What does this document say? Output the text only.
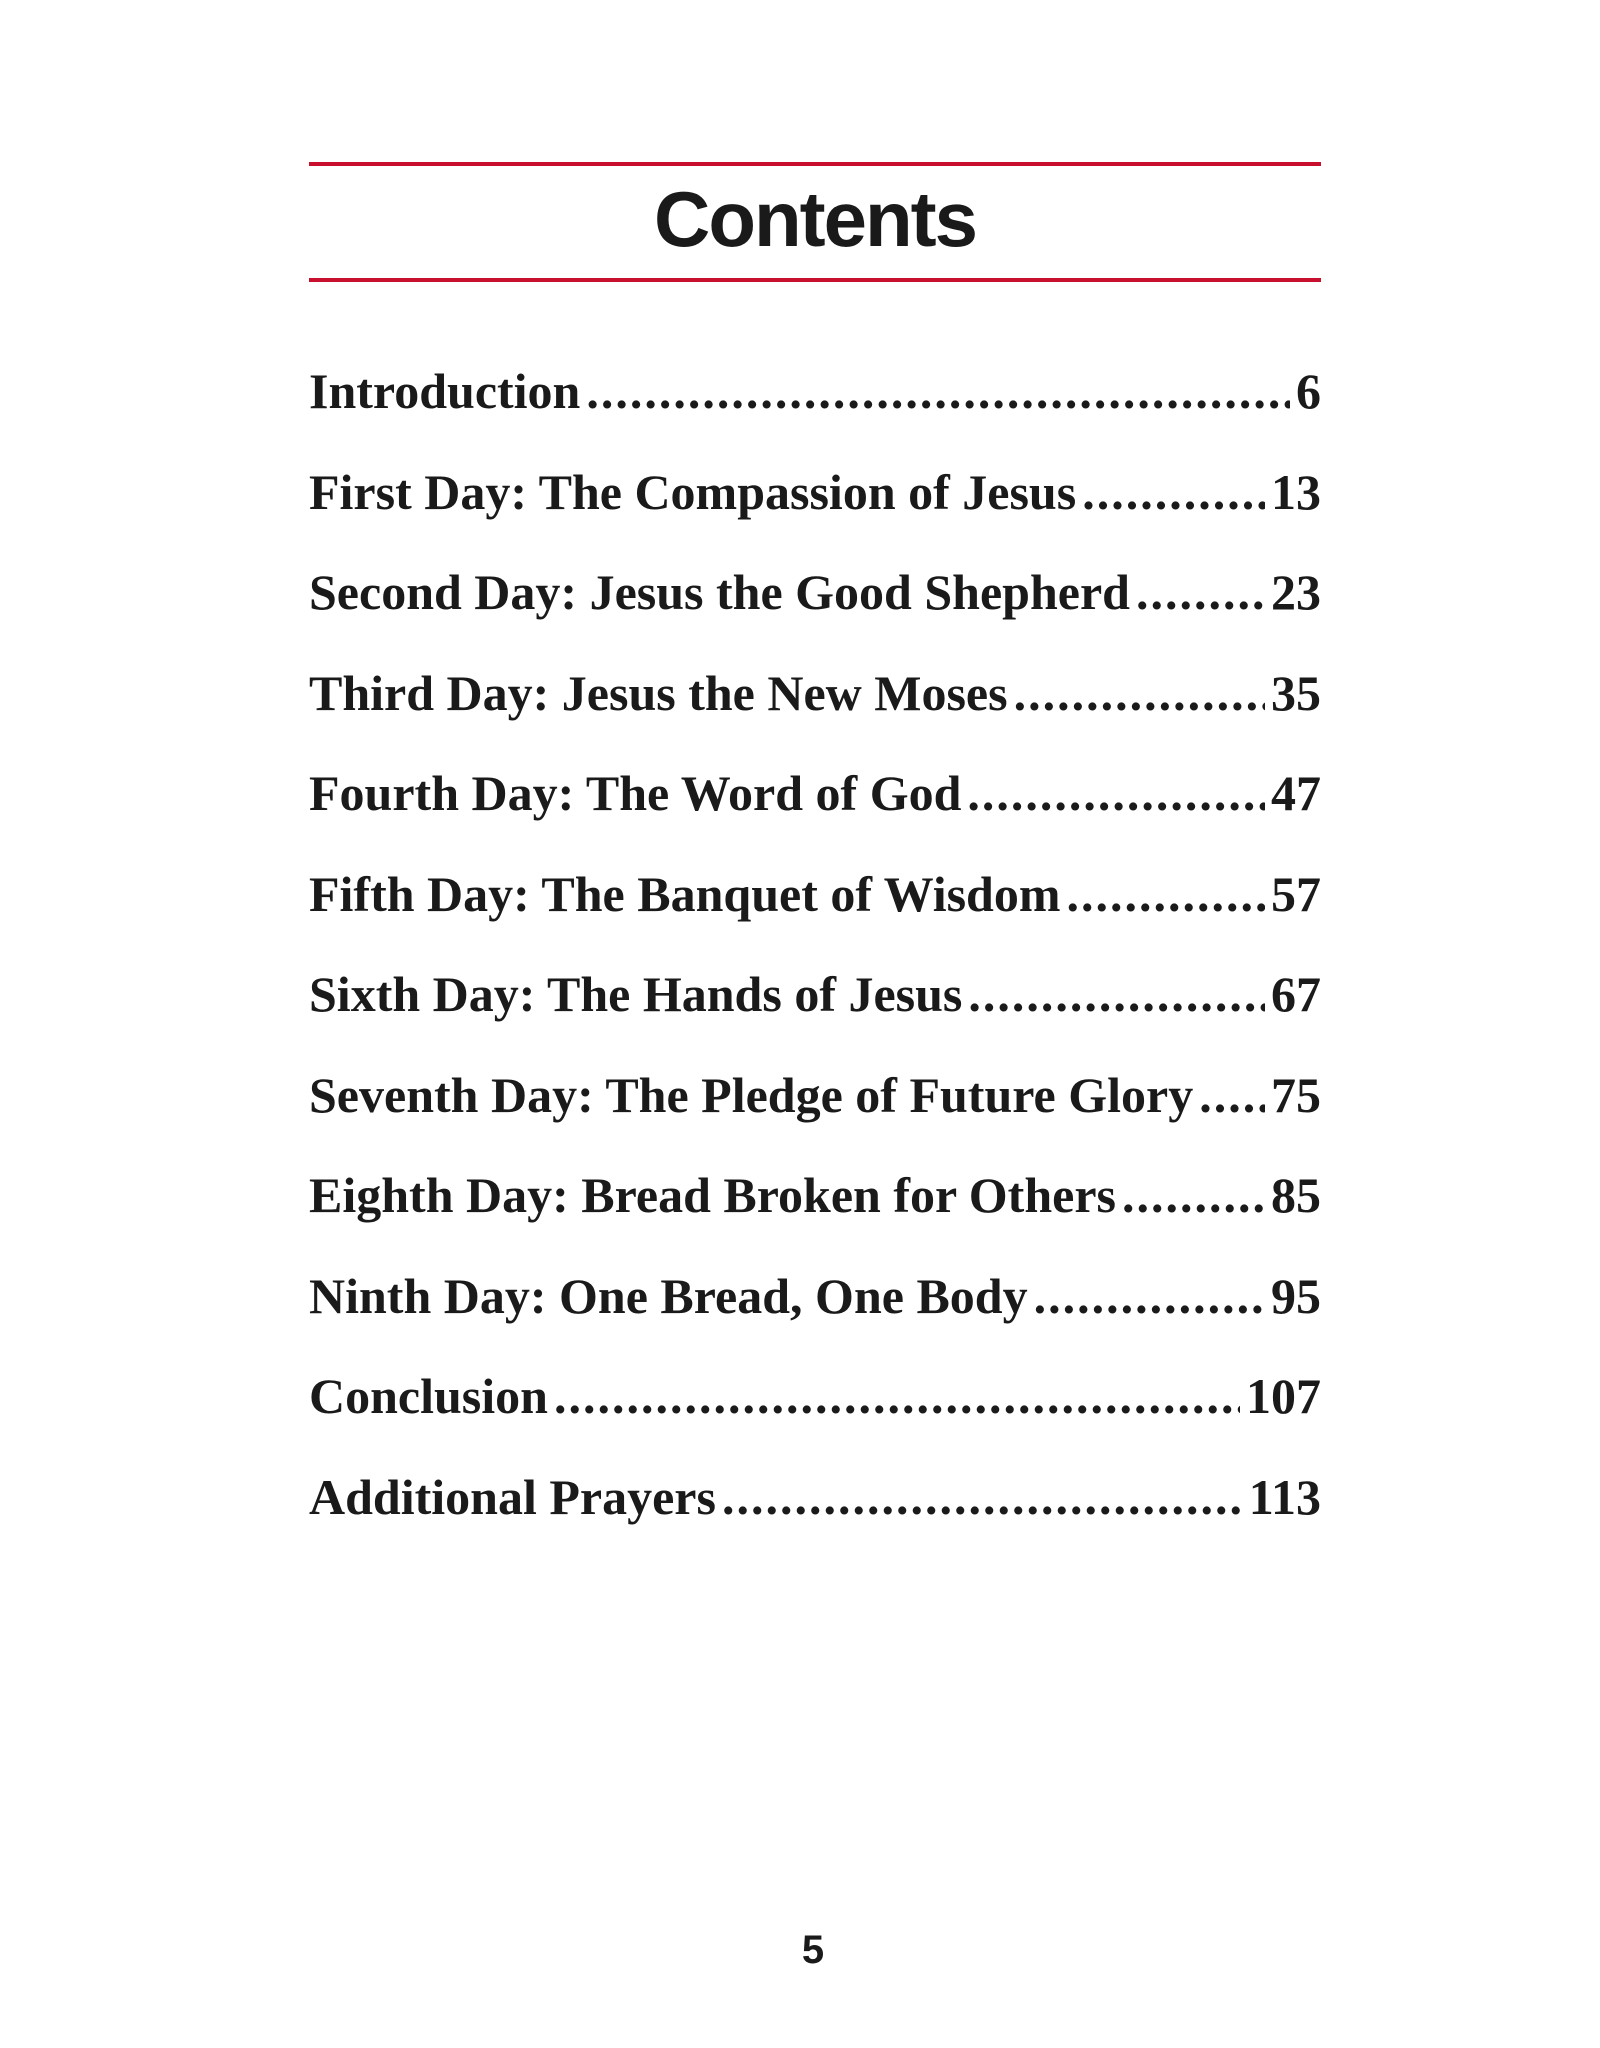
Contents
Introduction .....	6
First Day: The Compassion of Jesus .....	13
Second Day: Jesus the Good Shepherd .....	23
Third Day: Jesus the New Moses .....	35
Fourth Day: The Word of God .....	47
Fifth Day: The Banquet of Wisdom .....	57
Sixth Day: The Hands of Jesus .....	67
Seventh Day: The Pledge of Future Glory ..... 75
Eighth Day: Bread Broken for Others .....	85
Ninth Day: One Bread, One Body .....	95
Conclusion .....	107
Additional Prayers .....	113
5
